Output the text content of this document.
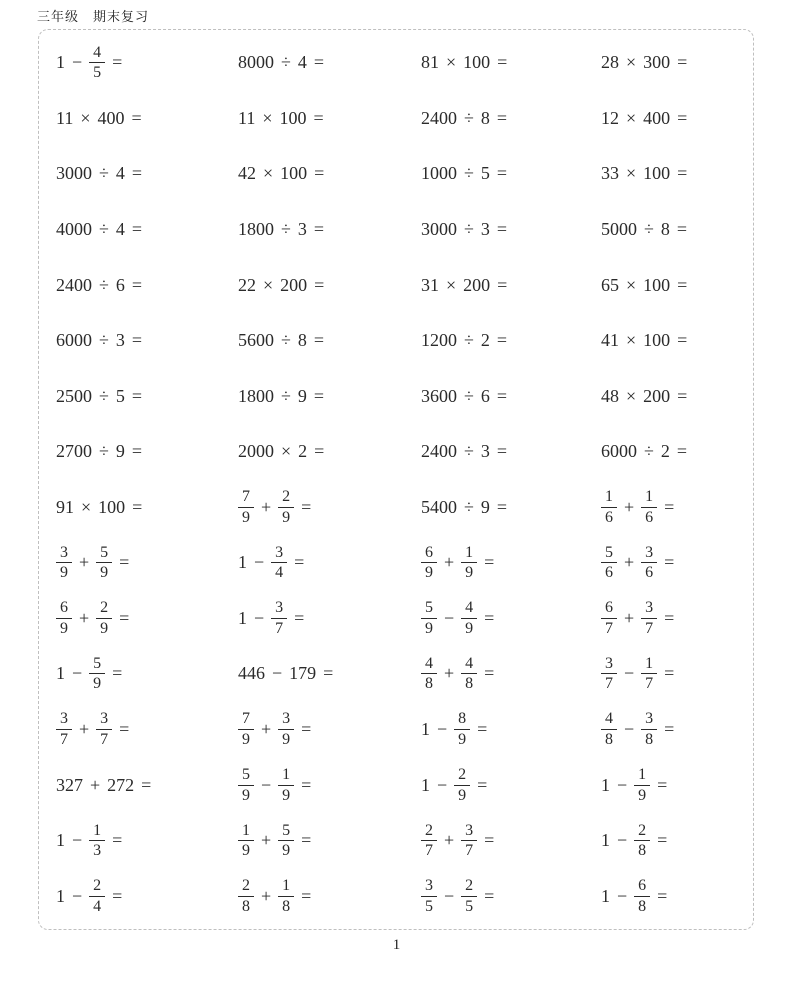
三年级　期末复习
$1 - \frac{4}{5}$ =	8000 ÷ 4 =	81 × 100 =	28 × 300 =
11 × 400 =	11 × 100 =	2400 ÷ 8 =	12 × 400 =
3000 ÷ 4 =	42 × 100 =	1000 ÷ 5 =	33 × 100 =
4000 ÷ 4 =	1800 ÷ 3 =	3000 ÷ 3 =	5000 ÷ 8 =
2400 ÷ 6 =	22 × 200 =	31 × 200 =	65 × 100 =
6000 ÷ 3 =	5600 ÷ 8 =	1200 ÷ 2 =	41 × 100 =
2500 ÷ 5 =	1800 ÷ 9 =	3600 ÷ 6 =	48 × 200 =
2700 ÷ 9 =	2000 × 2 =	2400 ÷ 3 =	6000 ÷ 2 =
91 × 100 =	$\frac{7}{9} + \frac{2}{9}$ =	5400 ÷ 9 =	$\frac{1}{6} + \frac{1}{6}$ =
$\frac{3}{9} + \frac{5}{9}$ =	$1 - \frac{3}{4}$ =	$\frac{6}{9} + \frac{1}{9}$ =	$\frac{5}{6} + \frac{3}{6}$ =
$\frac{6}{9} + \frac{2}{9}$ =	$1 - \frac{3}{7}$ =	$\frac{5}{9} - \frac{4}{9}$ =	$\frac{6}{7} + \frac{3}{7}$ =
$1 - \frac{5}{9}$ =	446 − 179 =	$\frac{4}{8} + \frac{4}{8}$ =	$\frac{3}{7} - \frac{1}{7}$ =
$\frac{3}{7} + \frac{3}{7}$ =	$\frac{7}{9} + \frac{3}{9}$ =	$1 - \frac{8}{9}$ =	$\frac{4}{8} - \frac{3}{8}$ =
327 + 272 =	$\frac{5}{9} - \frac{1}{9}$ =	$1 - \frac{2}{9}$ =	$1 - \frac{1}{9}$ =
$1 - \frac{1}{3}$ =	$\frac{1}{9} + \frac{5}{9}$ =	$\frac{2}{7} + \frac{3}{7}$ =	$1 - \frac{2}{8}$ =
$1 - \frac{2}{4}$ =	$\frac{2}{8} + \frac{1}{8}$ =	$\frac{3}{5} - \frac{2}{5}$ =	$1 - \frac{6}{8}$ =
1
